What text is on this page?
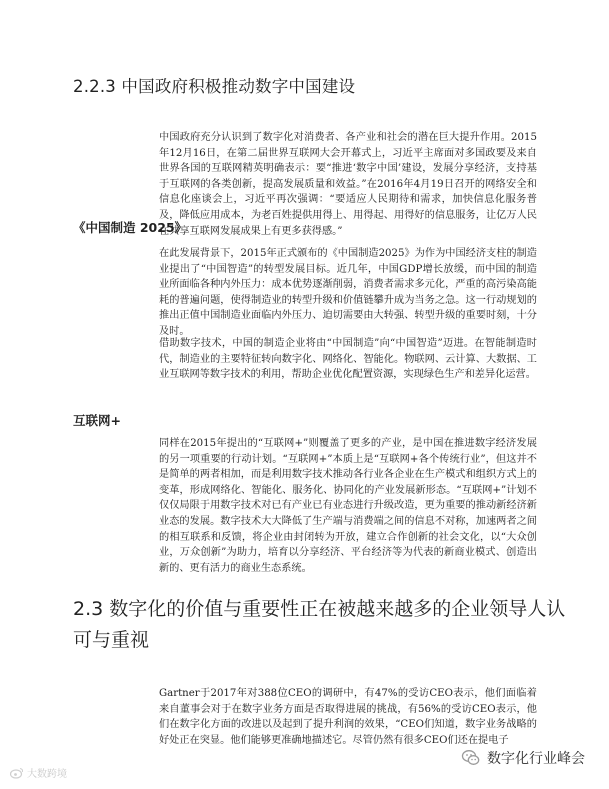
2.2.3 中国政府积极推动数字中国建设

中国政府充分认识到了数字化对消费者、各产业和社会的潜在巨大提升作用。2015年12月16日，在第二届世界互联网大会开幕式上，习近平主席面对多国政要及来自世界各国的互联网精英明确表示：要“推进‘数字中国’建设，发展分享经济，支持基于互联网的各类创新，提高发展质量和效益。”在2016年4月19日召开的网络安全和信息化座谈会上，习近平再次强调：“要适应人民期待和需求，加快信息化服务普及，降低应用成本，为老百姓提供用得上、用得起、用得好的信息服务，让亿万人民在共享互联网发展成果上有更多获得感。”

《中国制造 2025》

在此发展背景下，2015年正式颁布的《中国制造2025》为作为中国经济支柱的制造业提出了“中国智造”的转型发展目标。近几年，中国GDP增长放缓，而中国的制造业所面临各种内外压力：成本优势逐渐削弱，消费者需求多元化，严重的高污染高能耗的普遍问题，使得制造业的转型升级和价值链攀升成为当务之急。这一行动规划的推出正值中国制造业面临内外压力、迫切需要由大转强、转型升级的重要时刻，十分及时。

借助数字技术，中国的制造企业将由“中国制造”向“中国智造”迈进。在智能制造时代，制造业的主要特征转向数字化、网络化、智能化。物联网、云计算、大数据、工业互联网等数字技术的利用，帮助企业优化配置资源，实现绿色生产和差异化运营。

互联网+

同样在2015年提出的“互联网+”则覆盖了更多的产业，是中国在推进数字经济发展的另一项重要的行动计划。“互联网+”本质上是“互联网+各个传统行业”，但这并不是简单的两者相加，而是利用数字技术推动各行业各企业在生产模式和组织方式上的变革，形成网络化、智能化、服务化、协同化的产业发展新形态。“互联网+”计划不仅仅局限于用数字技术对已有产业已有业态进行升级改造，更为重要的推动新经济新业态的发展。数字技术大大降低了生产端与消费端之间的信息不对称，加速两者之间的相互联系和反馈，将企业由封闭转为开放，建立合作创新的社会文化，以“大众创业，万众创新”为助力，培育以分享经济、平台经济等为代表的新商业模式、创造出新的、更有活力的商业生态系统。

2.3 数字化的价值与重要性正在被越来越多的企业领导人认可与重视

Gartner于2017年对388位CEO的调研中，有47%的受访CEO表示，他们面临着来自董事会对于在数字业务方面是否取得进展的挑战，有56%的受访CEO表示，他们在数字化方面的改进以及起到了提升利润的效果，“CEO们知道，数字业务战略的好处正在突显。他们能够更准确地描述它。尽管仍然有很多CEO们还在提电子

大数跨境
数字化行业峰会
